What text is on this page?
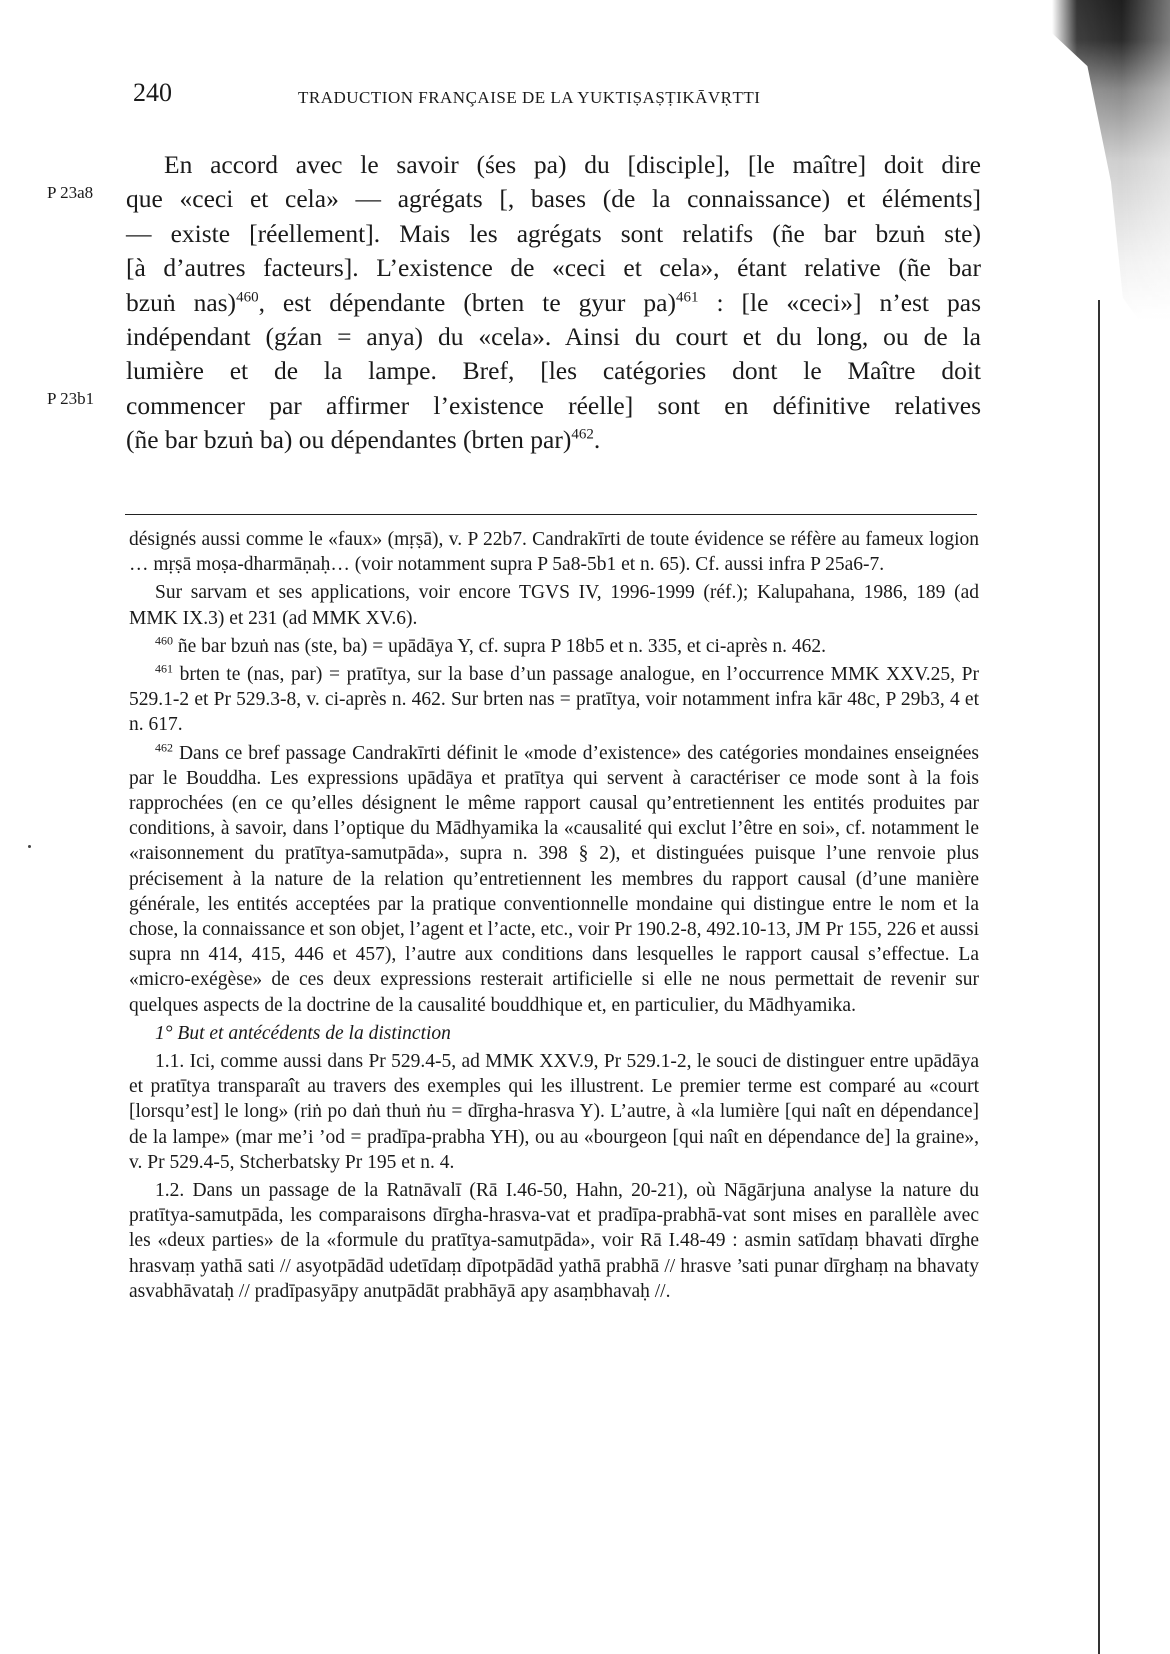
240	TRADUCTION FRANÇAISE DE LA YUKTIṢAṢṬIKĀVṚTTI
P 23a8
P 23b1
En accord avec le savoir (śes pa) du [disciple], [le maître] doit dire
que «ceci et cela» — agrégats [, bases (de la connaissance) et éléments]
— existe [réellement]. Mais les agrégats sont relatifs (ñe bar bzuṅ ste)
[à d’autres facteurs]. L’existence de «ceci et cela», étant relative (ñe bar
bzuṅ nas)$^{460}$, est dépendante (brten te gyur pa)$^{461}$ : [le «ceci»] n’est pas
indépendant (gźan = anya) du «cela». Ainsi du court et du long, ou de la
lumière et de la lampe. Bref, [les catégories dont le Maître doit
commencer par affirmer l’existence réelle] sont en définitive relatives
(ñe bar bzuṅ ba) ou dépendantes (brten par)$^{462}$.

désignés aussi comme le «faux» (mṛṣā), v. P 22b7. Candrakīrti de toute évidence se réfère au fameux logion … mṛṣā moṣa-dharmāṇaḥ… (voir notamment supra P 5a8-5b1 et n. 65). Cf. aussi infra P 25a6-7.

Sur sarvam et ses applications, voir encore TGVS IV, 1996-1999 (réf.); Kalupahana, 1986, 189 (ad MMK IX.3) et 231 (ad MMK XV.6).

$^{460}$ ñe bar bzuṅ nas (ste, ba) = upādāya Y, cf. supra P 18b5 et n. 335, et ci-après n. 462.

$^{461}$ brten te (nas, par) = pratītya, sur la base d’un passage analogue, en l’occurrence MMK XXV.25, Pr 529.1-2 et Pr 529.3-8, v. ci-après n. 462. Sur brten nas = pratītya, voir notamment infra kār 48c, P 29b3, 4 et n. 617.

$^{462}$ Dans ce bref passage Candrakīrti définit le «mode d’existence» des catégories mondaines enseignées par le Bouddha. Les expressions upādāya et pratītya qui servent à caractériser ce mode sont à la fois rapprochées (en ce qu’elles désignent le même rapport causal qu’entretiennent les entités produites par conditions, à savoir, dans l’optique du Mādhyamika la «causalité qui exclut l’être en soi», cf. notamment le «raisonnement du pratītya-samutpāda», supra n. 398 § 2), et distinguées puisque l’une renvoie plus précisement à la nature de la relation qu’entretiennent les membres du rapport causal (d’une manière générale, les entités acceptées par la pratique conventionnelle mondaine qui distingue entre le nom et la chose, la connaissance et son objet, l’agent et l’acte, etc., voir Pr 190.2-8, 492.10-13, JM Pr 155, 226 et aussi supra nn 414, 415, 446 et 457), l’autre aux conditions dans lesquelles le rapport causal s’effectue. La «micro-exégèse» de ces deux expressions resterait artificielle si elle ne nous permettait de revenir sur quelques aspects de la doctrine de la causalité bouddhique et, en particulier, du Mādhyamika.

1° But et antécédents de la distinction

1.1. Ici, comme aussi dans Pr 529.4-5, ad MMK XXV.9, Pr 529.1-2, le souci de distinguer entre upādāya et pratītya transparaît au travers des exemples qui les illustrent. Le premier terme est comparé au «court [lorsqu’est] le long» (riṅ po daṅ thuṅ ṅu = dīrgha-hrasva Y). L’autre, à «la lumière [qui naît en dépendance] de la lampe» (mar me’i ’od = pradīpa-prabha YH), ou au «bourgeon [qui naît en dépendance de] la graine», v. Pr 529.4-5, Stcherbatsky Pr 195 et n. 4.

1.2. Dans un passage de la Ratnāvalī (Rā I.46-50, Hahn, 20-21), où Nāgārjuna analyse la nature du pratītya-samutpāda, les comparaisons dīrgha-hrasva-vat et pradīpa-prabhā-vat sont mises en parallèle avec les «deux parties» de la «formule du pratītya-samutpāda», voir Rā I.48-49 : asmin satīdaṃ bhavati dīrghe hrasvaṃ yathā sati // asyotpādād udetīdaṃ dīpotpādād yathā prabhā // hrasve ’sati punar dīrghaṃ na bhavaty asvabhāvataḥ // pradīpasyāpy anutpādāt prabhāyā apy asaṃbhavaḥ //.
